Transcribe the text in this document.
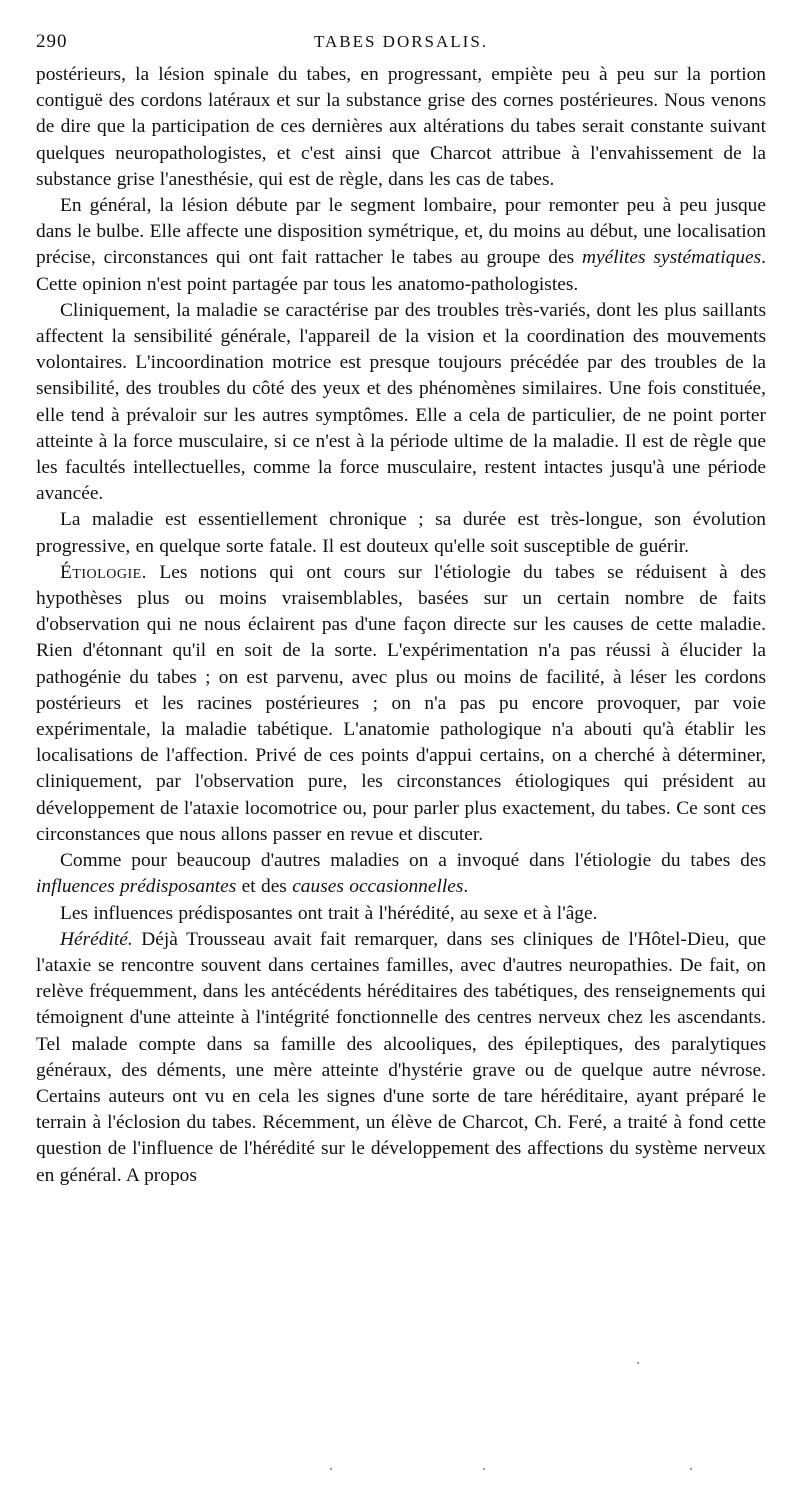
290	TABES DORSALIS.

postérieurs, la lésion spinale du tabes, en progressant, empiète peu à peu sur la portion contiguë des cordons latéraux et sur la substance grise des cornes postérieures. Nous venons de dire que la participation de ces dernières aux altérations du tabes serait constante suivant quelques neuropathologistes, et c'est ainsi que Charcot attribue à l'envahissement de la substance grise l'anesthésie, qui est de règle, dans les cas de tabes.

En général, la lésion débute par le segment lombaire, pour remonter peu à peu jusque dans le bulbe. Elle affecte une disposition symétrique, et, du moins au début, une localisation précise, circonstances qui ont fait rattacher le tabes au groupe des myélites systématiques. Cette opinion n'est point partagée par tous les anatomo-pathologistes.

Cliniquement, la maladie se caractérise par des troubles très-variés, dont les plus saillants affectent la sensibilité générale, l'appareil de la vision et la coordination des mouvements volontaires. L'incoordination motrice est presque toujours précédée par des troubles de la sensibilité, des troubles du côté des yeux et des phénomènes similaires. Une fois constituée, elle tend à prévaloir sur les autres symptômes. Elle a cela de particulier, de ne point porter atteinte à la force musculaire, si ce n'est à la période ultime de la maladie. Il est de règle que les facultés intellectuelles, comme la force musculaire, restent intactes jusqu'à une période avancée.

La maladie est essentiellement chronique ; sa durée est très-longue, son évolution progressive, en quelque sorte fatale. Il est douteux qu'elle soit susceptible de guérir.

Étiologie. Les notions qui ont cours sur l'étiologie du tabes se réduisent à des hypothèses plus ou moins vraisemblables, basées sur un certain nombre de faits d'observation qui ne nous éclairent pas d'une façon directe sur les causes de cette maladie. Rien d'étonnant qu'il en soit de la sorte. L'expérimentation n'a pas réussi à élucider la pathogénie du tabes ; on est parvenu, avec plus ou moins de facilité, à léser les cordons postérieurs et les racines postérieures ; on n'a pas pu encore provoquer, par voie expérimentale, la maladie tabétique. L'anatomie pathologique n'a abouti qu'à établir les localisations de l'affection. Privé de ces points d'appui certains, on a cherché à déterminer, cliniquement, par l'observation pure, les circonstances étiologiques qui président au développement de l'ataxie locomotrice ou, pour parler plus exactement, du tabes. Ce sont ces circonstances que nous allons passer en revue et discuter.

Comme pour beaucoup d'autres maladies on a invoqué dans l'étiologie du tabes des influences prédisposantes et des causes occasionnelles.

Les influences prédisposantes ont trait à l'hérédité, au sexe et à l'âge.

Hérédité. Déjà Trousseau avait fait remarquer, dans ses cliniques de l'Hôtel-Dieu, que l'ataxie se rencontre souvent dans certaines familles, avec d'autres neuropathies. De fait, on relève fréquemment, dans les antécédents héréditaires des tabétiques, des renseignements qui témoignent d'une atteinte à l'intégrité fonctionnelle des centres nerveux chez les ascendants. Tel malade compte dans sa famille des alcooliques, des épileptiques, des paralytiques généraux, des déments, une mère atteinte d'hystérie grave ou de quelque autre névrose. Certains auteurs ont vu en cela les signes d'une sorte de tare héréditaire, ayant préparé le terrain à l'éclosion du tabes. Récemment, un élève de Charcot, Ch. Feré, a traité à fond cette question de l'influence de l'hérédité sur le développement des affections du système nerveux en général. A propos
